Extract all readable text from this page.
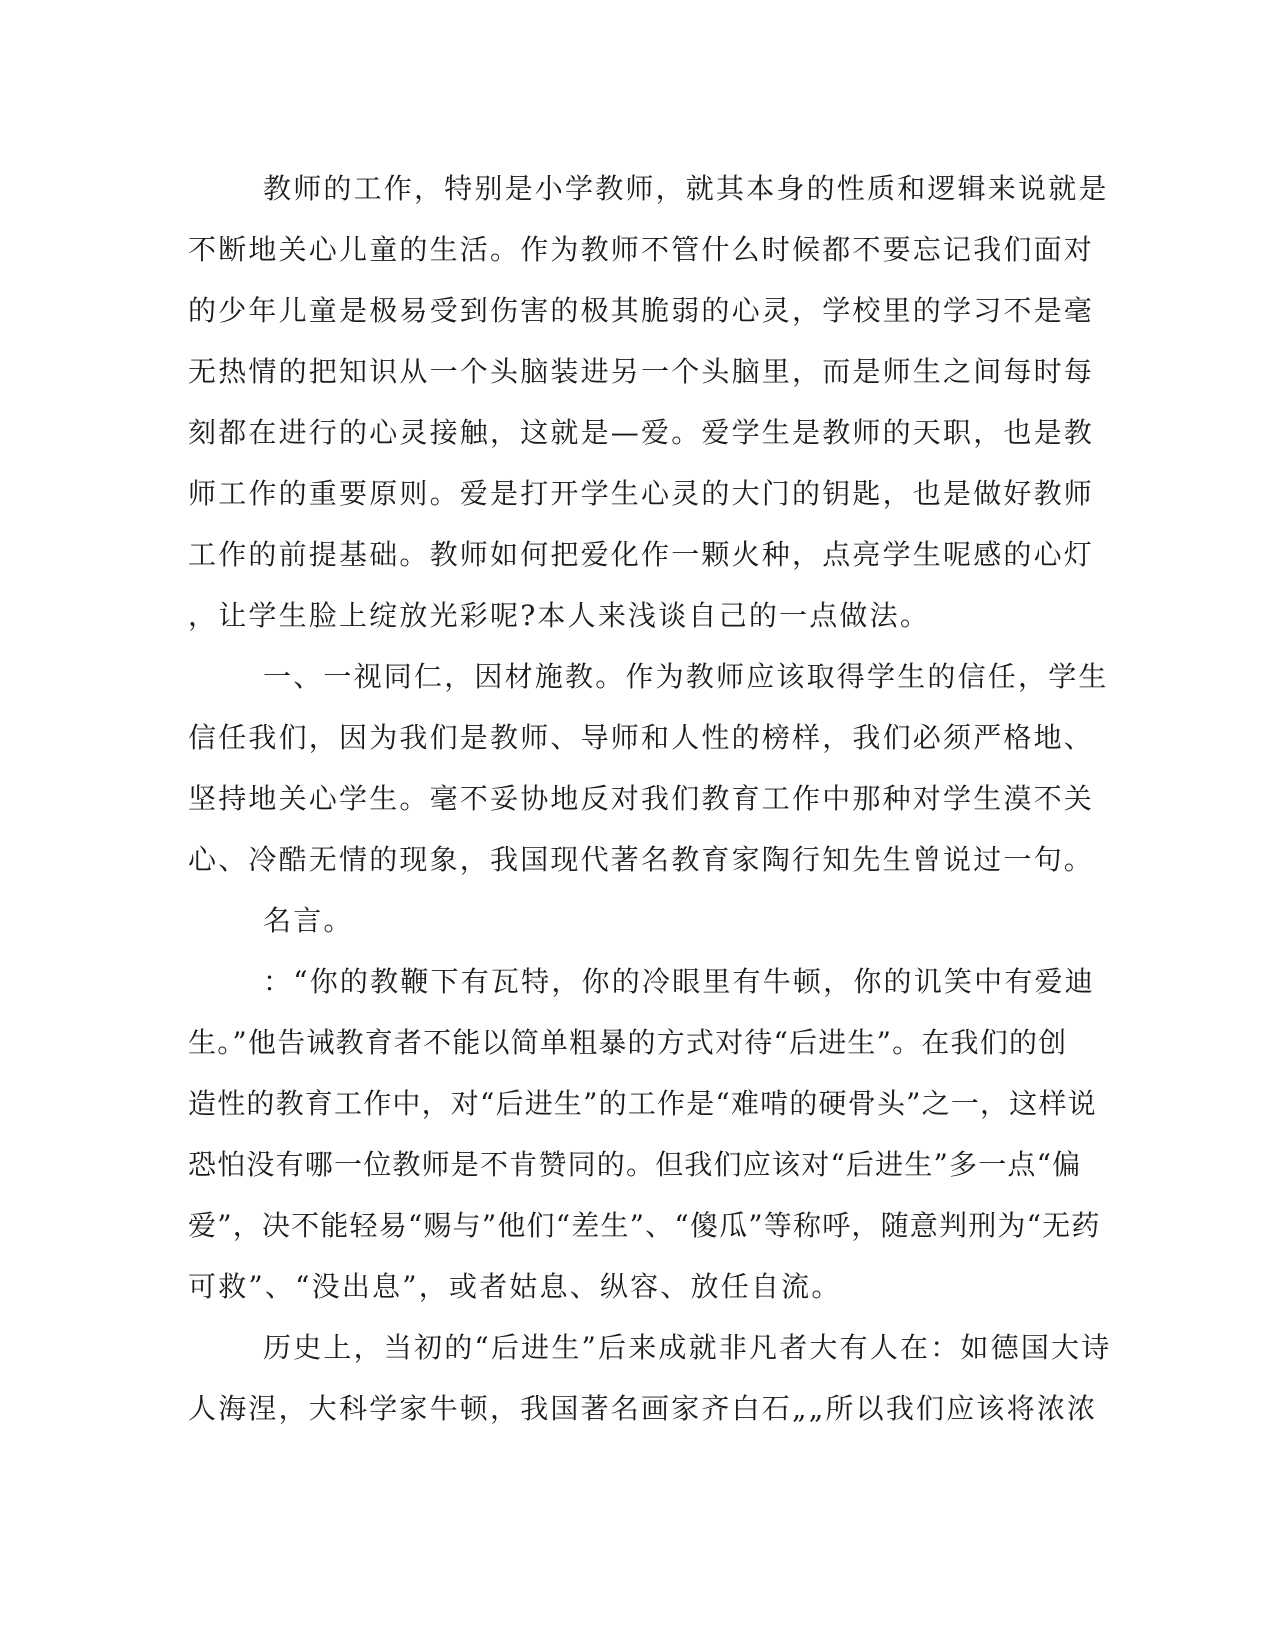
教师的工作，特别是小学教师，就其本身的性质和逻辑来说就是
不断地关心儿童的生活。作为教师不管什么时候都不要忘记我们面对
的少年儿童是极易受到伤害的极其脆弱的心灵，学校里的学习不是毫
无热情的把知识从一个头脑装进另一个头脑里，而是师生之间每时每
刻都在进行的心灵接触，这就是—爱。爱学生是教师的天职，也是教
师工作的重要原则。爱是打开学生心灵的大门的钥匙，也是做好教师
工作的前提基础。教师如何把爱化作一颗火种，点亮学生呢感的心灯
，让学生脸上绽放光彩呢?本人来浅谈自己的一点做法。
一、一视同仁，因材施教。作为教师应该取得学生的信任，学生
信任我们，因为我们是教师、导师和人性的榜样，我们必须严格地、
坚持地关心学生。毫不妥协地反对我们教育工作中那种对学生漠不关
心、冷酷无情的现象，我国现代著名教育家陶行知先生曾说过一句。
名言。
：“你的教鞭下有瓦特，你的冷眼里有牛顿，你的讥笑中有爱迪
生。”他告诫教育者不能以简单粗暴的方式对待“后进生”。在我们的创
造性的教育工作中，对“后进生”的工作是“难啃的硬骨头”之一，这样说
恐怕没有哪一位教师是不肯赞同的。但我们应该对“后进生”多一点“偏
爱”，决不能轻易“赐与”他们“差生”、“傻瓜”等称呼，随意判刑为“无药
可救”、“没出息”，或者姑息、纵容、放任自流。
历史上，当初的“后进生”后来成就非凡者大有人在：如德国大诗
人海涅，大科学家牛顿，我国著名画家齐白石„„所以我们应该将浓浓
